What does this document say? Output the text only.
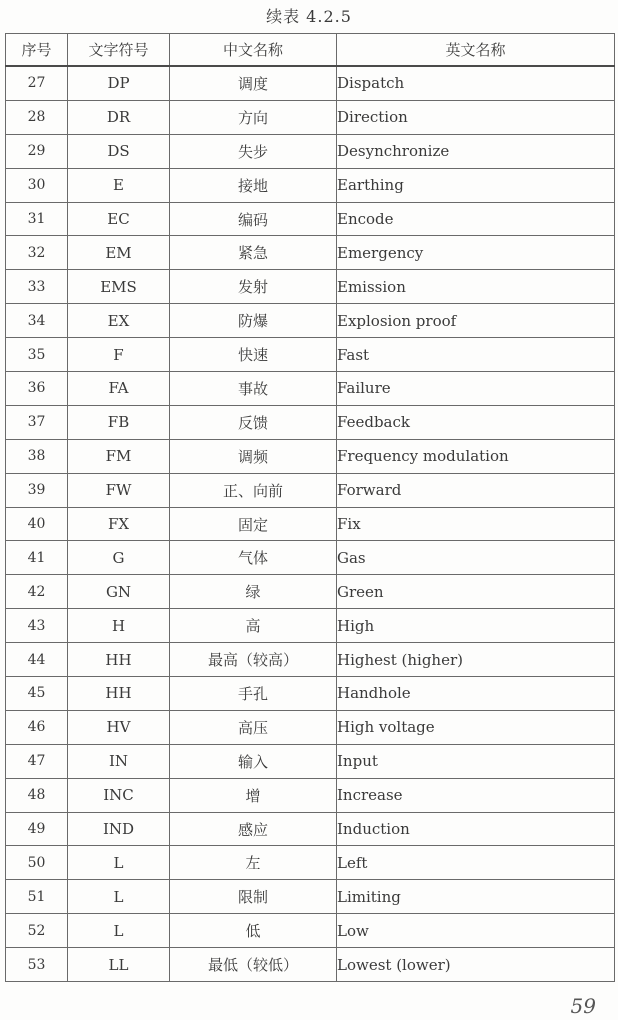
续表 4.2.5
序号	文字符号	中文名称	英文名称
27	DP	调度	Dispatch
28	DR	方向	Direction
29	DS	失步	Desynchronize
30	E	接地	Earthing
31	EC	编码	Encode
32	EM	紧急	Emergency
33	EMS	发射	Emission
34	EX	防爆	Explosion proof
35	F	快速	Fast
36	FA	事故	Failure
37	FB	反馈	Feedback
38	FM	调频	Frequency modulation
39	FW	正、向前	Forward
40	FX	固定	Fix
41	G	气体	Gas
42	GN	绿	Green
43	H	高	High
44	HH	最高（较高）	Highest (higher)
45	HH	手孔	Handhole
46	HV	高压	High voltage
47	IN	输入	Input
48	INC	增	Increase
49	IND	感应	Induction
50	L	左	Left
51	L	限制	Limiting
52	L	低	Low
53	LL	最低（较低）	Lowest (lower)
59
